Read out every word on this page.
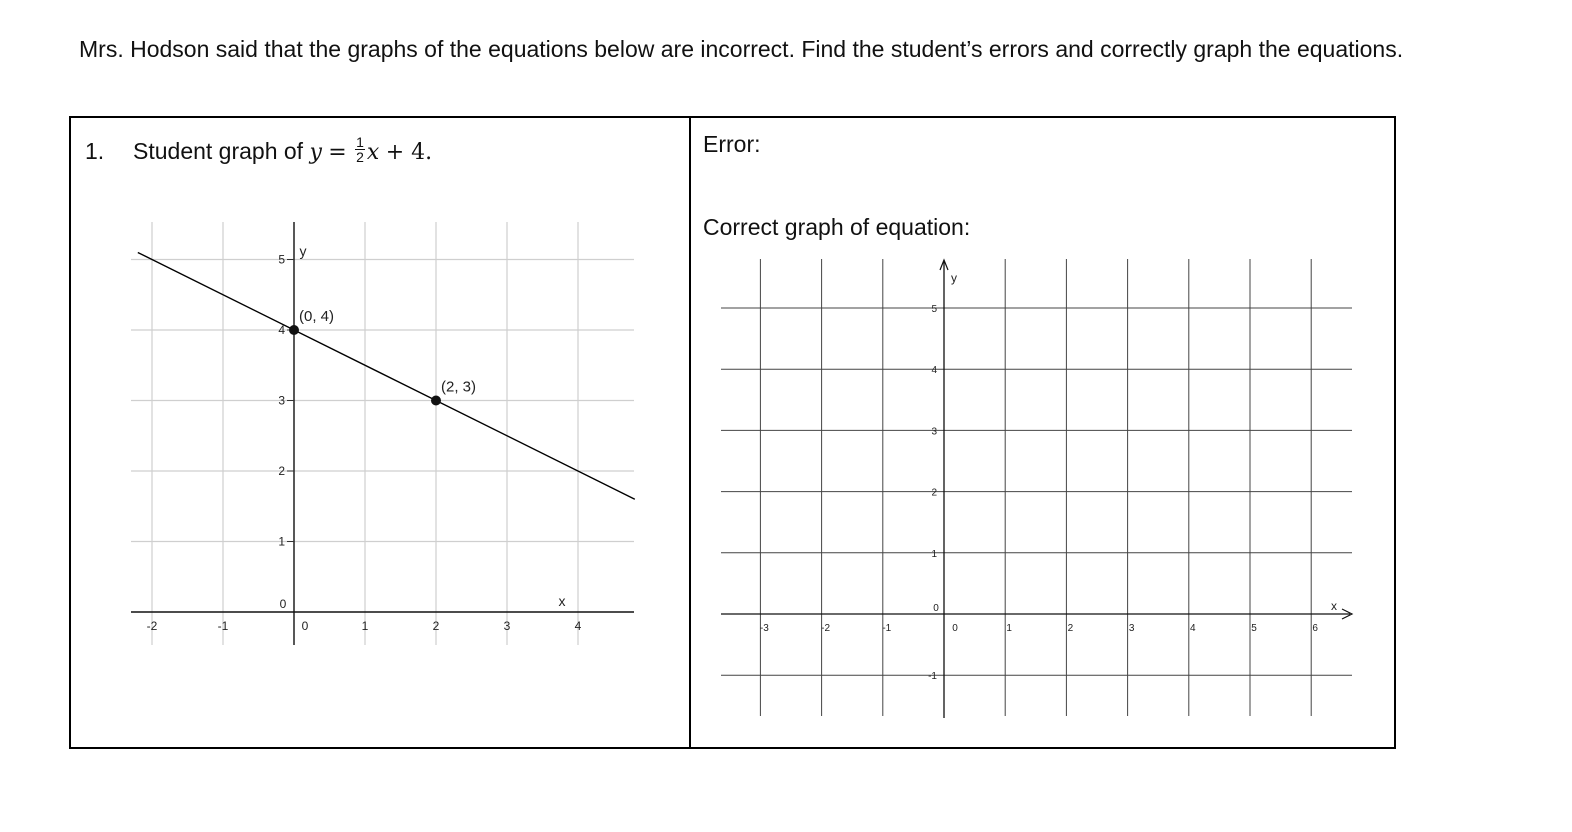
Mrs. Hodson said that the graphs of the equations below are incorrect. Find the student’s errors and correctly graph the equations.

1. Student graph of $y = \frac{1}{2}$ x + 4.	Error:
Correct graph of equation:
-2	-1	0	1	2	3	4
0
1
2
3
4
5
y
x
(0, 4)
(2, 3)
-3	-2	-1	0	1	2	3	4	5	6
-1
0
1
2
3
4
5
y
x
